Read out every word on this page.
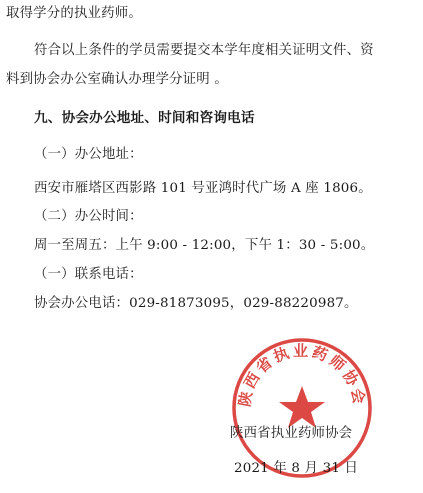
取得学分的执业药师。
符合以上条件的学员需要提交本学年度相关证明文件、资
料到协会办公室确认办理学分证明 。
九、协会办公地址、时间和咨询电话
（一）办公地址：
西安市雁塔区西影路 101 号亚鸿时代广场 A 座 1806。
（二）办公时间：
周一至周五：上午 9:00 - 12:00，下午 1：30 - 5:00。
（一）联系电话：
协会办公电话：029-81873095，029-88220987。
陕西省执业药师协会
陕西省执业药师协会
2021 年 8 月 31 日
